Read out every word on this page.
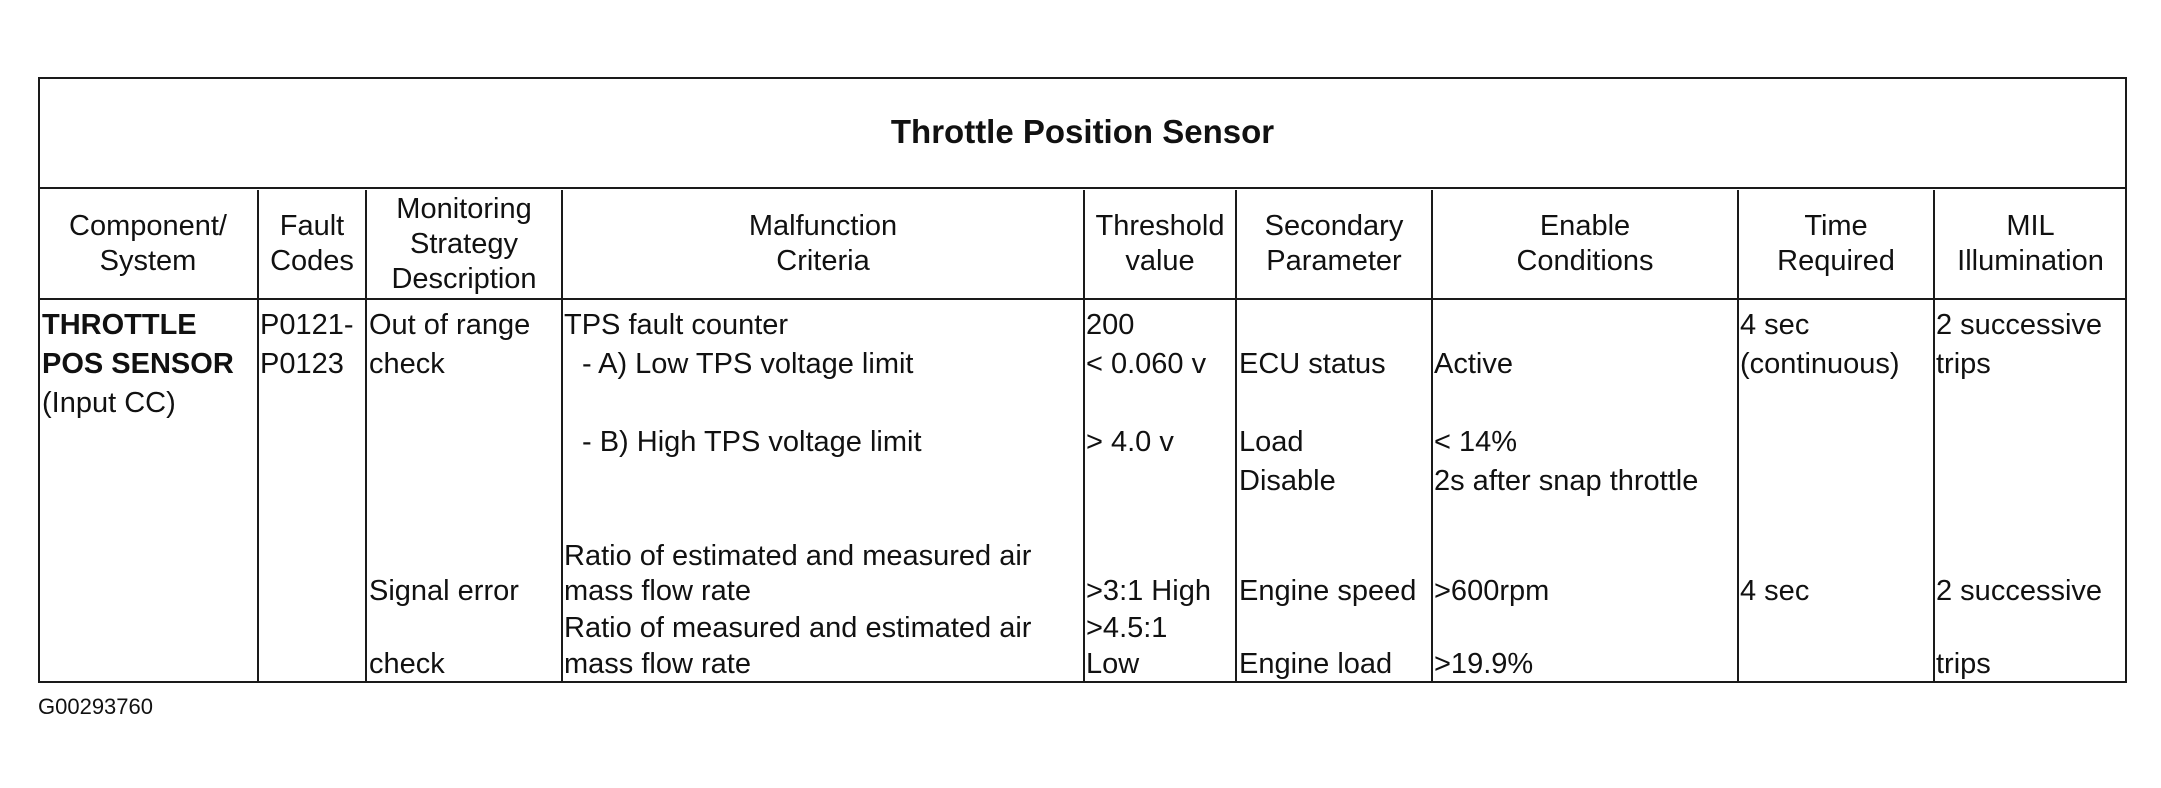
Throttle Position Sensor
Component/
System
Fault
Codes
Monitoring
Strategy
Description
Malfunction
Criteria
Threshold
value
Secondary
Parameter
Enable
Conditions
Time
Required
MIL
Illumination
THROTTLE
POS SENSOR
(Input CC)
P0121-
P0123
Out of range
check
Signal error
check
TPS fault counter
- A) Low TPS voltage limit
- B) High TPS voltage limit
Ratio of estimated and measured air
mass flow rate
Ratio of measured and estimated air
mass flow rate
200
< 0.060 v
> 4.0 v
>3:1 High
>4.5:1
Low
ECU status
Load
Disable
Engine speed
Engine load
Active
< 14%
2s after snap throttle
>600rpm
>19.9%
4 sec
(continuous)
4 sec
2 successive
trips
2 successive
trips
G00293760
